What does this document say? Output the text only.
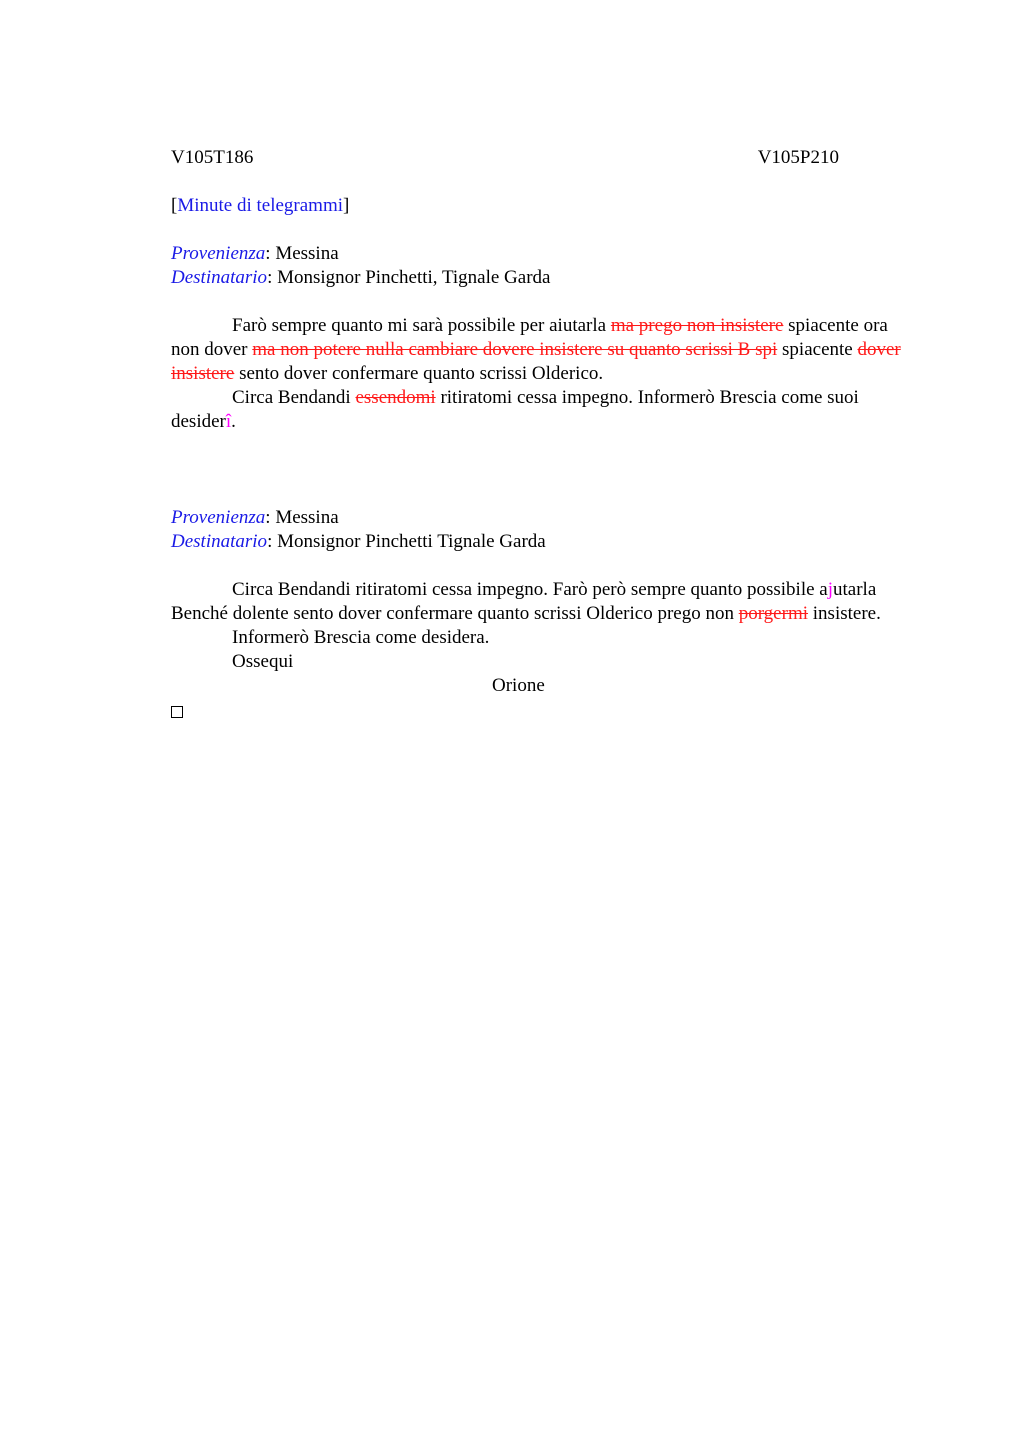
V105T186	V105P210
[Minute di telegrammi]
Provenienza: Messina
Destinatario: Monsignor Pinchetti, Tignale Garda

Farò sempre quanto mi sarà possibile per aiutarla ma prego non insistere spiacente ora non dover ma non potere nulla cambiare dovere insistere su quanto scrissi B spi spiacente dover insistere sento dover confermare quanto scrissi Olderico.

Circa Bendandi essendomi ritiratomi cessa impegno. Informerò Brescia come suoi desiderî.

Provenienza: Messina
Destinatario: Monsignor Pinchetti Tignale Garda

Circa Bendandi ritiratomi cessa impegno. Farò però sempre quanto possibile ajutarla Benché dolente sento dover confermare quanto scrissi Olderico prego non porgermi insistere.

Informerò Brescia come desidera.
Ossequi
Orione
